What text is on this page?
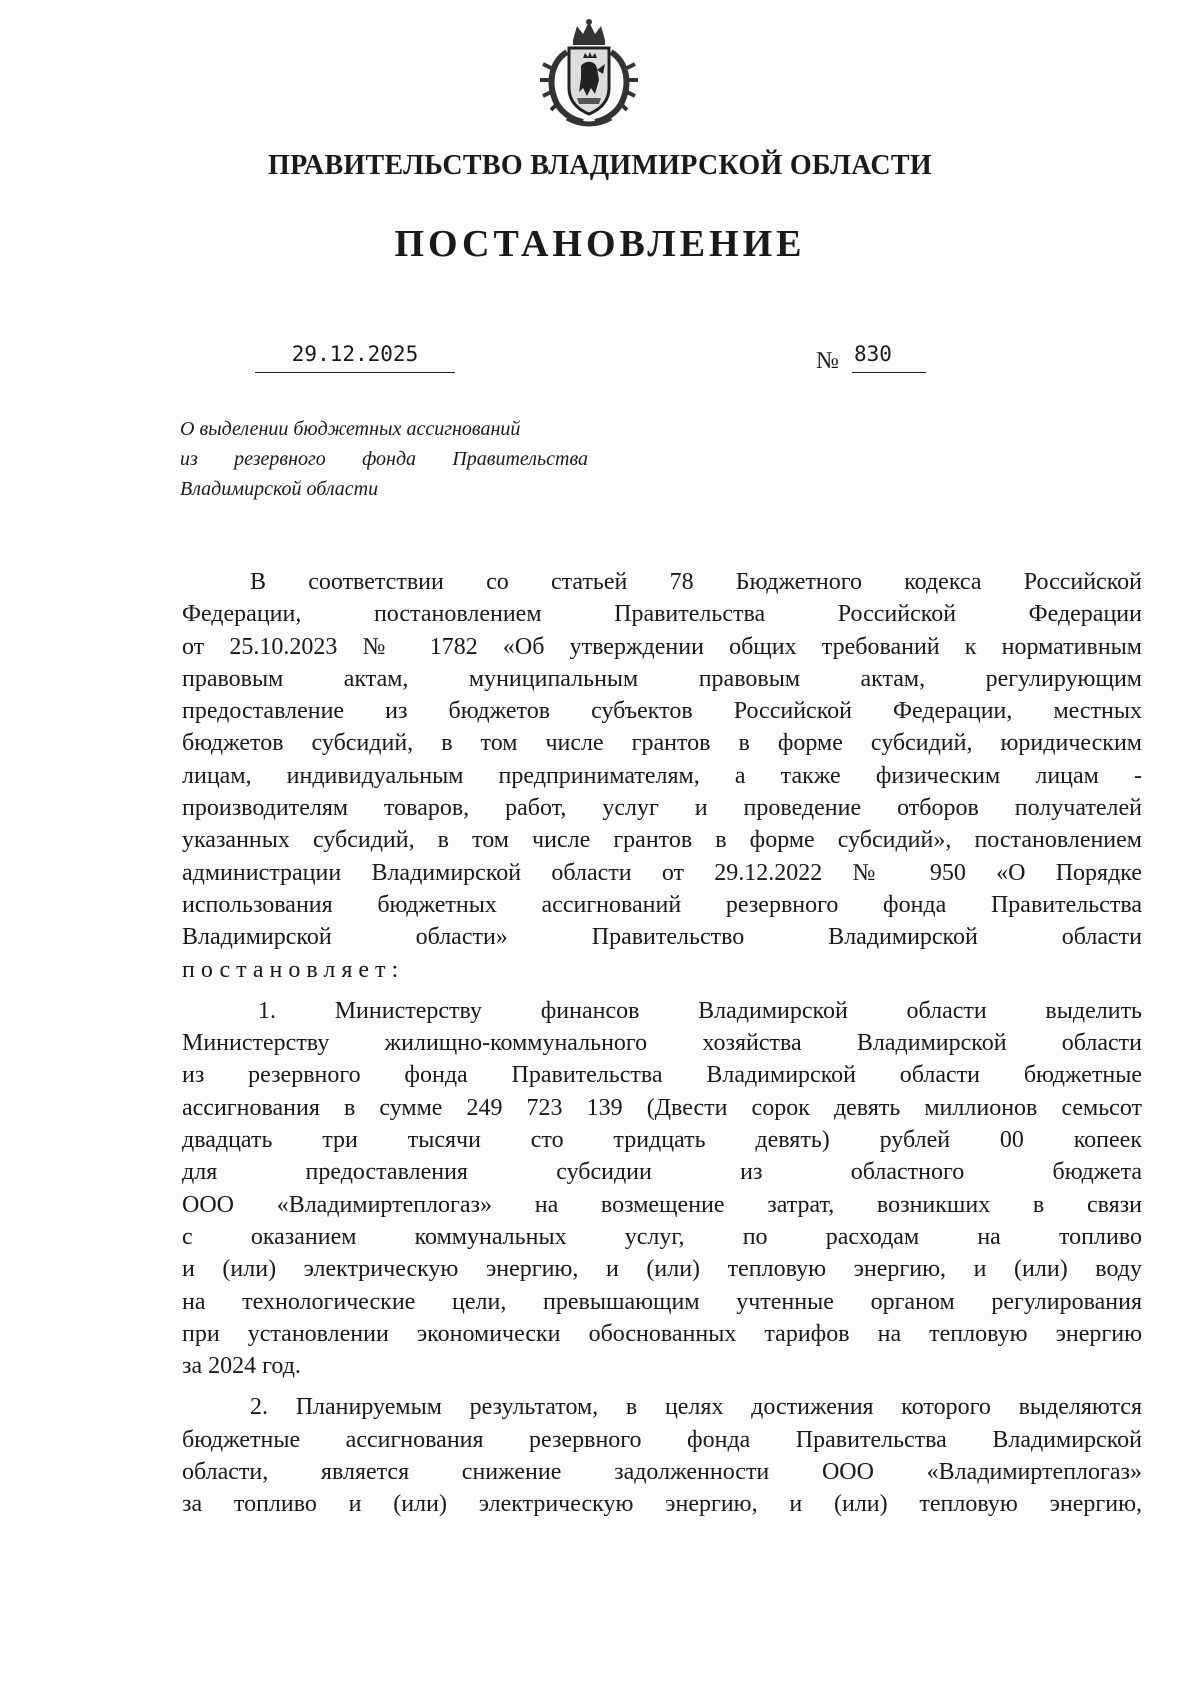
ПРАВИТЕЛЬСТВО ВЛАДИМИРСКОЙ ОБЛАСТИ
ПОСТАНОВЛЕНИЕ
29.12.2025	№ 830
О выделении бюджетных ассигнований
из резервного фонда Правительства
Владимирской области
В соответствии со статьей 78 Бюджетного кодекса Российской
Федерации, постановлением Правительства Российской Федерации
от 25.10.2023 № 1782 «Об утверждении общих требований к нормативным
правовым актам, муниципальным правовым актам, регулирующим
предоставление из бюджетов субъектов Российской Федерации, местных
бюджетов субсидий, в том числе грантов в форме субсидий, юридическим
лицам, индивидуальным предпринимателям, а также физическим лицам -
производителям товаров, работ, услуг и проведение отборов получателей
указанных субсидий, в том числе грантов в форме субсидий», постановлением
администрации Владимирской области от 29.12.2022 № 950 «О Порядке
использования бюджетных ассигнований резервного фонда Правительства
Владимирской области» Правительство Владимирской области
постановляет:
1. Министерству финансов Владимирской области выделить
Министерству жилищно-коммунального хозяйства Владимирской области
из резервного фонда Правительства Владимирской области бюджетные
ассигнования в сумме 249 723 139 (Двести сорок девять миллионов семьсот
двадцать три тысячи сто тридцать девять) рублей 00 копеек
для предоставления субсидии из областного бюджета
ООО «Владимиртеплогаз» на возмещение затрат, возникших в связи
с оказанием коммунальных услуг, по расходам на топливо
и (или) электрическую энергию, и (или) тепловую энергию, и (или) воду
на технологические цели, превышающим учтенные органом регулирования
при установлении экономически обоснованных тарифов на тепловую энергию
за 2024 год.
2. Планируемым результатом, в целях достижения которого выделяются
бюджетные ассигнования резервного фонда Правительства Владимирской
области, является снижение задолженности ООО «Владимиртеплогаз»
за топливо и (или) электрическую энергию, и (или) тепловую энергию,
